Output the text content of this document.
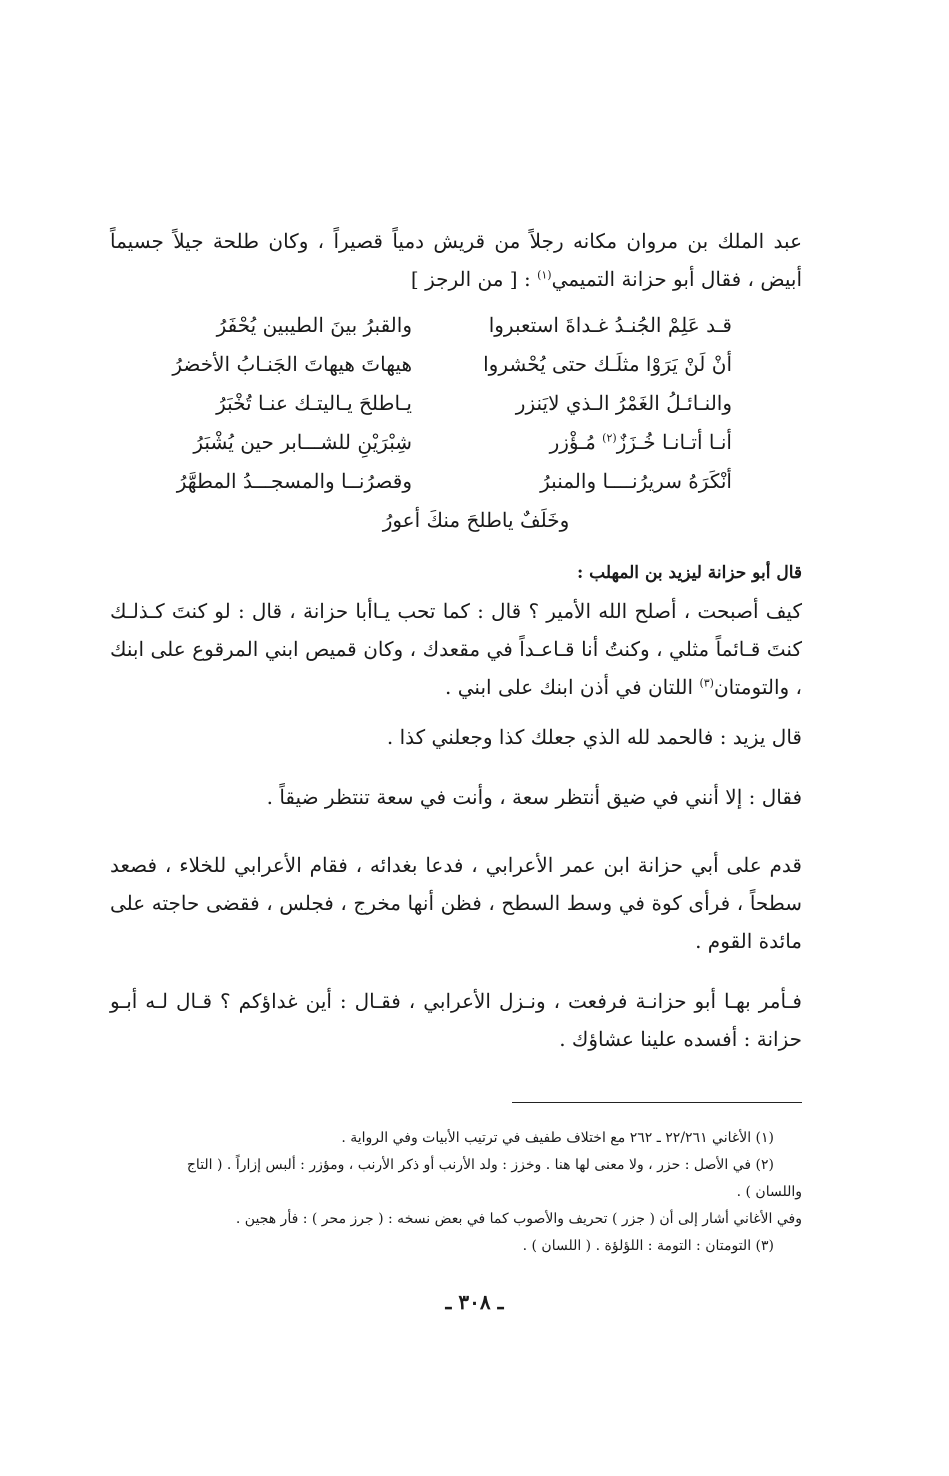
عبد الملك بن مروان مكانه رجلاً من قريش دمياً قصيراً ، وكان طلحة جيلاً جسيماً أبيض ، فقال أبو حزانة التميمي$^{(١)}$ : [ من الرجز ]

قـد عَلِمْ الجُنـدُ غـداةَ استعبروا
والقبرُ بينَ الطيبين يُحْفَرُ
أنْ لَنْ يَرَوْا مثلَـك حتى يُحْشروا
هيهاتَ هيهاتَ الجَنـابُ الأخضرُ
والنـائـلُ الغَمْرُ الـذي لايَنزر
يـاطلحَ يـاليتـك عنـا تُخْبَرُ
أنـا أتـانـا خُـزَزٌ$^{(٢)}$ مُـؤْزر
شِبْرَيْنِ للشـــابر حين يُشْبَرُ
أنْكَرَهُ سريرُنــــا والمنبرُ
وقصرُنــا والمسجـــدُ المطهَّرُ
وخَلَفٌ ياطلحَ منكَ أعورُ
قال أبو حزانة ليزيد بن المهلب :

كيف أصبحت ، أصلح الله الأمير ؟ قال : كما تحب يـاأبا حزانة ، قال : لو كنتَ كـذلـك كنتَ قـائماً مثلي ، وكنتُ أنا قـاعـداً في مقعدك ، وكان قميص ابني المرقوع على ابنك ، والتومتان$^{(٣)}$ اللتان في أذن ابنك على ابني .

قال يزيد : فالحمد لله الذي جعلك كذا وجعلني كذا .

فقال : إلا أنني في ضيق أنتظر سعة ، وأنت في سعة تنتظر ضيقاً .

قدم على أبي حزانة ابن عمر الأعرابي ، فدعا بغدائه ، فقام الأعرابي للخلاء ، فصعد سطحاً ، فرأى كوة في وسط السطح ، فظن أنها مخرج ، فجلس ، فقضى حاجته على مائدة القوم .

فـأمر بهـا أبو حزانـة فرفعت ، ونـزل الأعرابي ، فقـال : أين غداؤكم ؟ قـال لـه أبـو حزانة : أفسده علينا عشاؤك .

(١) الأغاني ٢٢/٢٦١ ـ ٢٦٢ مع اختلاف طفيف في ترتيب الأبيات وفي الرواية .

(٢) في الأصل : حزر ، ولا معنى لها هنا . وخزز : ولد الأرنب أو ذكر الأرنب ، ومؤزر : ألبس إزاراً . ( التاج

واللسان ) .

وفي الأغاني أشار إلى أن ( جزر ) تحريف والأصوب كما في بعض نسخه : ( جرز محر ) : فأر هجين .

(٣) التومتان : التومة : اللؤلؤة . ( اللسان ) .

ـ ٣٠٨ ـ
